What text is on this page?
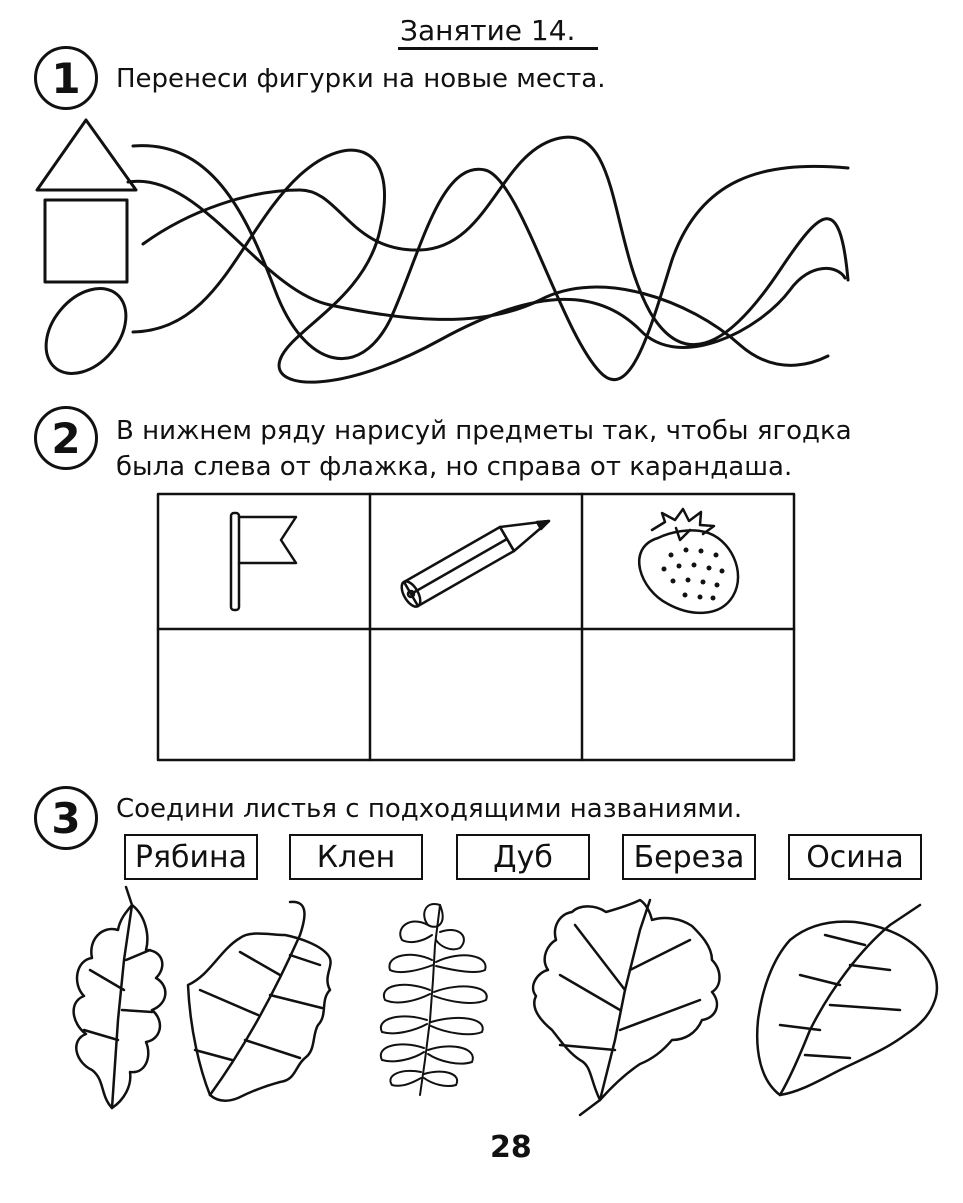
Занятие 14.
1	Перенеси фигурки на новые места.
2	В нижнем ряду нарисуй предметы так, чтобы ягодка
была слева от флажка, но справа от карандаша.
3	Соедини листья с подходящими названиями.
Рябина	Клен	Дуб	Береза	Осина
28
